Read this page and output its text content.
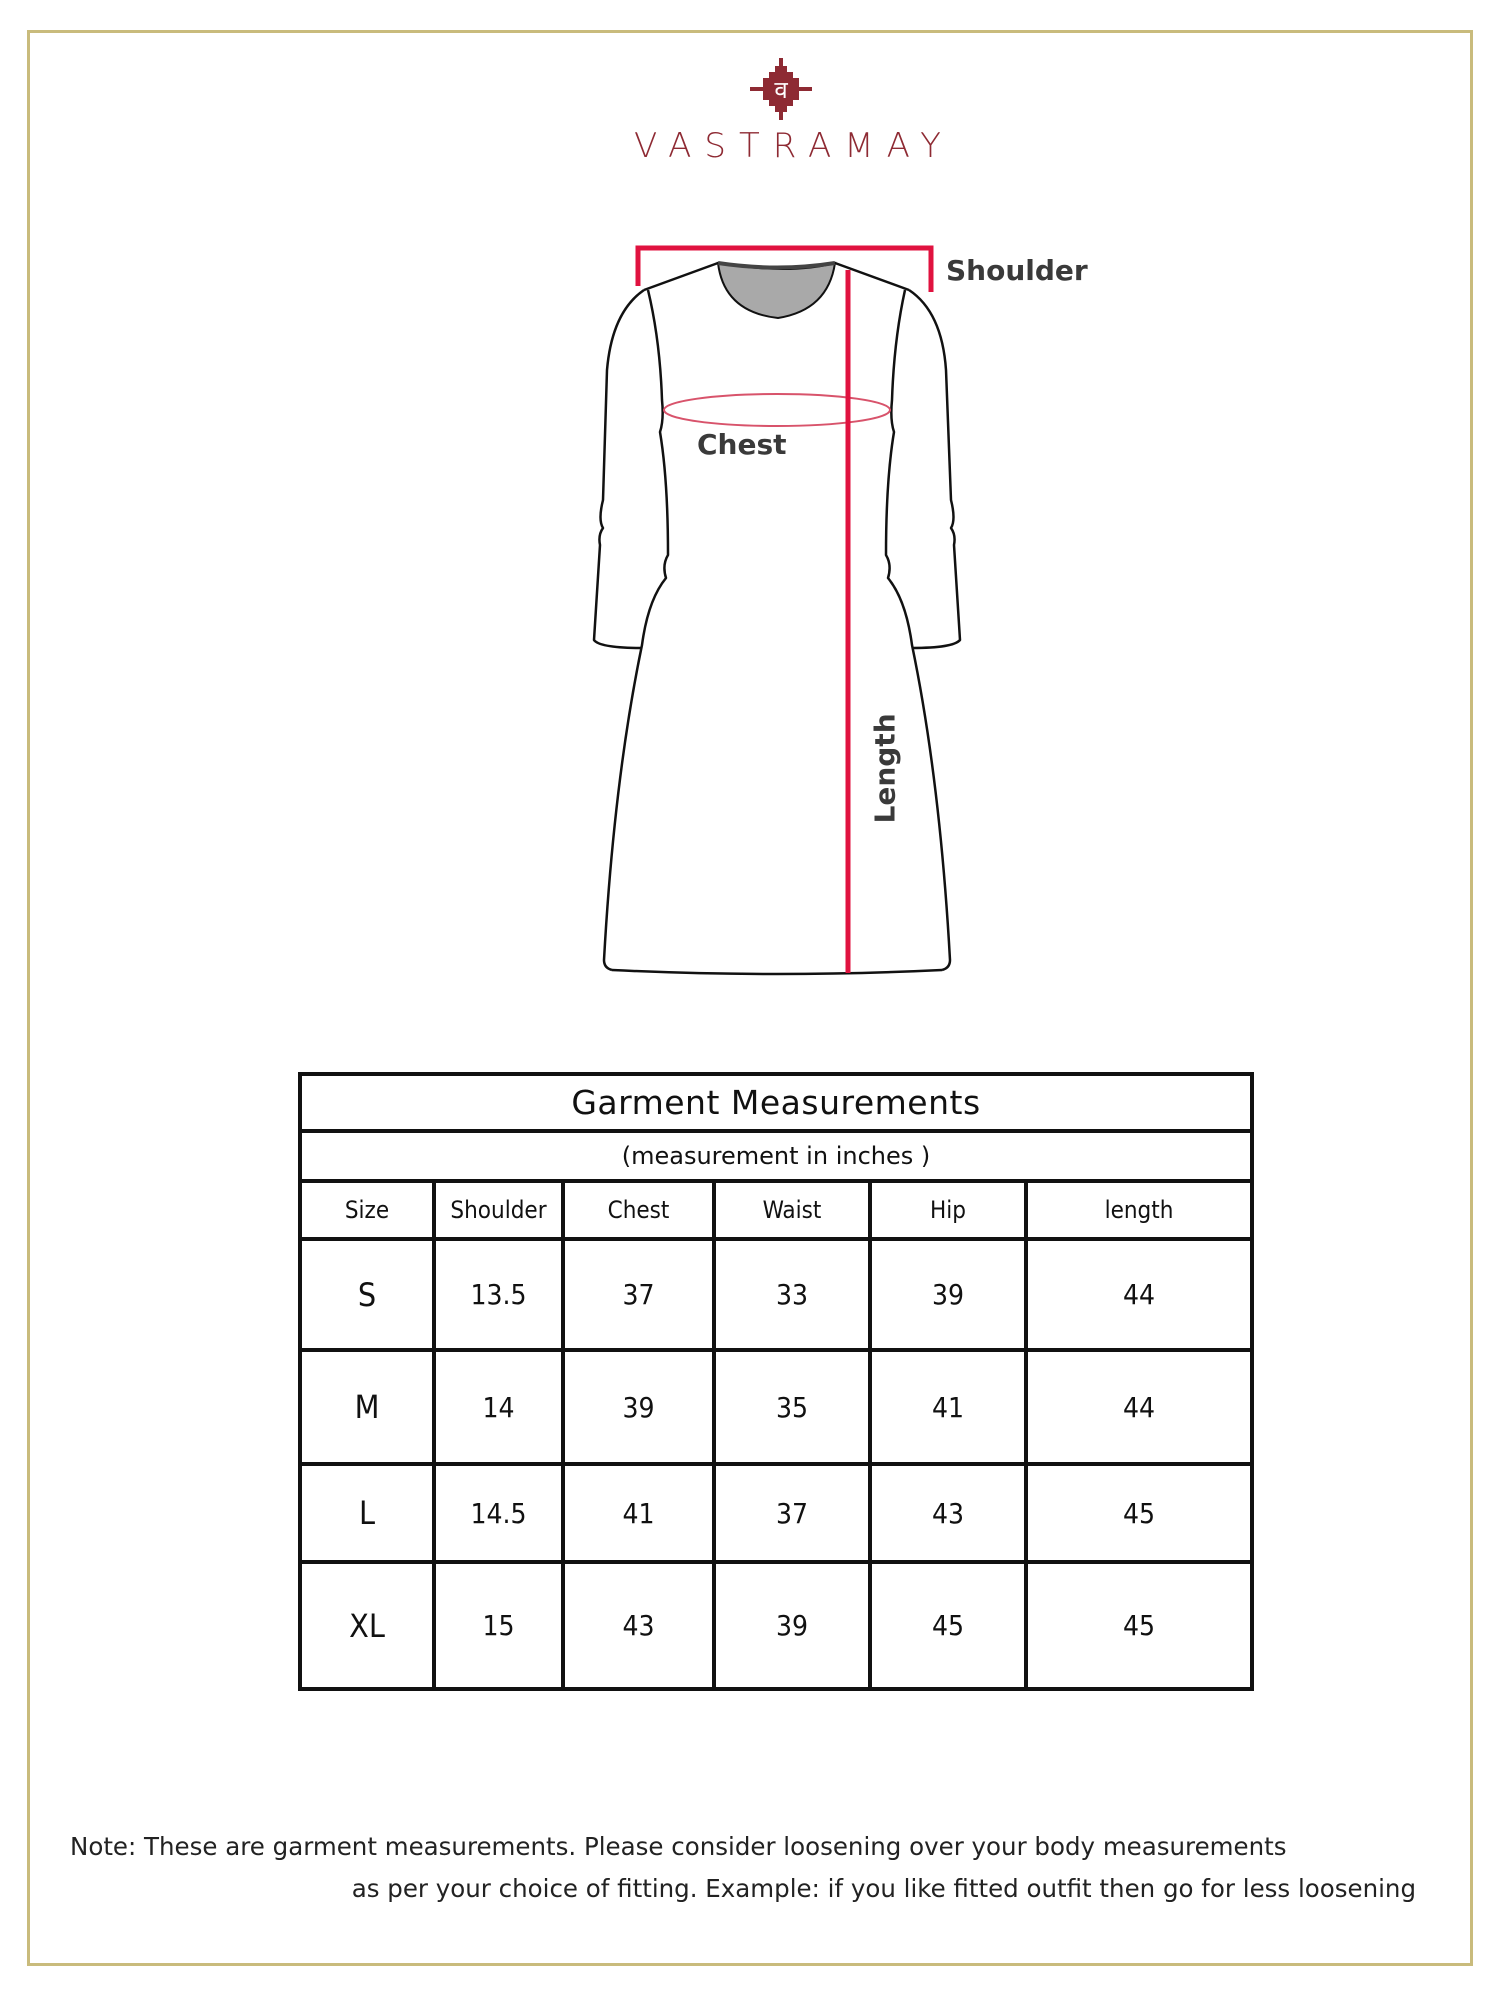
व
VASTRAMAY
Shoulder
Chest
Length
Garment Measurements
(measurement in inches )
Size	Shoulder	Chest	Waist	Hip	length
S	13.5	37	33	39	44
M	14	39	35	41	44
L	14.5	41	37	43	45
XL	15	43	39	45	45
Note: These are garment measurements. Please consider loosening over your body measurements
as per your choice of fitting. Example: if you like fitted outfit then go for less loosening
